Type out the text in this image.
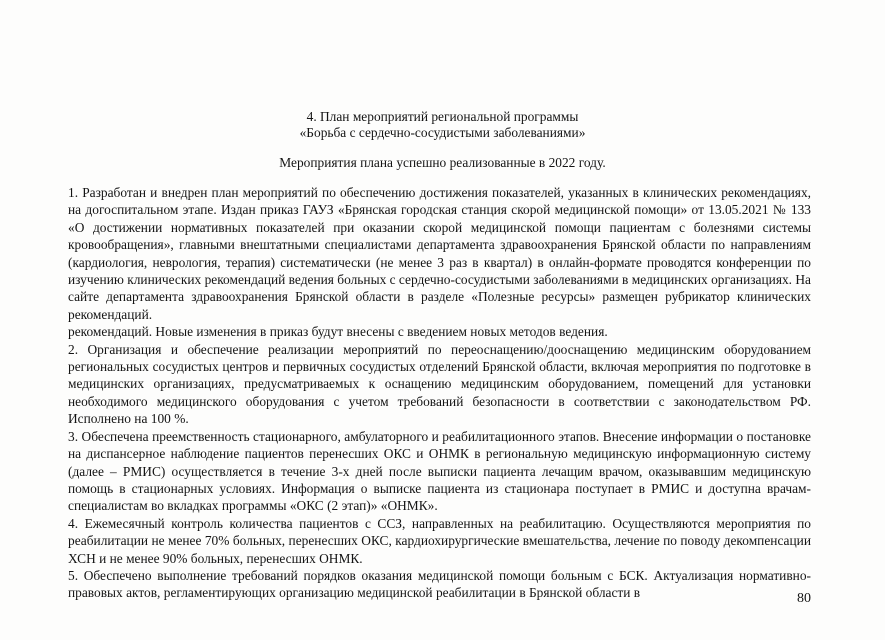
4. План мероприятий региональной программы

«Борьба с сердечно-сосудистыми заболеваниями»

Мероприятия плана успешно реализованные в 2022 году.

1. Разработан и внедрен план мероприятий по обеспечению достижения показателей, указанных в клинических рекомендациях, на догоспитальном этапе. Издан приказ ГАУЗ «Брянская городская станция скорой медицинской помощи» от 13.05.2021 № 133 «О достижении нормативных показателей при оказании скорой медицинской помощи пациентам с болезнями системы кровообращения», главными внештатными специалистами департамента здравоохранения Брянской области по направлениям (кардиология, неврология, терапия) систематически (не менее 3 раз в квартал) в онлайн-формате проводятся конференции по изучению клинических рекомендаций ведения больных с сердечно-сосудистыми заболеваниями в медицинских организациях. На сайте департамента здравоохранения Брянской области в разделе «Полезные ресурсы» размещен рубрикатор клинических рекомендаций.

рекомендаций. Новые изменения в приказ будут внесены с введением новых методов ведения.

2. Организация и обеспечение реализации мероприятий по переоснащению/дооснащению медицинским оборудованием региональных сосудистых центров и первичных сосудистых отделений Брянской области, включая мероприятия по подготовке в медицинских организациях, предусматриваемых к оснащению медицинским оборудованием, помещений для установки необходимого медицинского оборудования с учетом требований безопасности в соответствии с законодательством РФ. Исполнено на 100 %.

3. Обеспечена преемственность стационарного, амбулаторного и реабилитационного этапов. Внесение информации о постановке на диспансерное наблюдение пациентов перенесших ОКС и ОНМК в региональную медицинскую информационную систему (далее – РМИС) осуществляется в течение 3-х дней после выписки пациента лечащим врачом, оказывавшим медицинскую помощь в стационарных условиях. Информация о выписке пациента из стационара поступает в РМИС и доступна врачам-специалистам во вкладках программы «ОКС (2 этап)» «ОНМК».

4. Ежемесячный контроль количества пациентов с ССЗ, направленных на реабилитацию. Осуществляются мероприятия по реабилитации не менее 70% больных, перенесших ОКС, кардиохирургические вмешательства, лечение по поводу декомпенсации ХСН и не менее 90% больных, перенесших ОНМК.

5. Обеспечено выполнение требований порядков оказания медицинской помощи больным с БСК. Актуализация нормативно-правовых актов, регламентирующих организацию медицинской реабилитации в Брянской области в	80
